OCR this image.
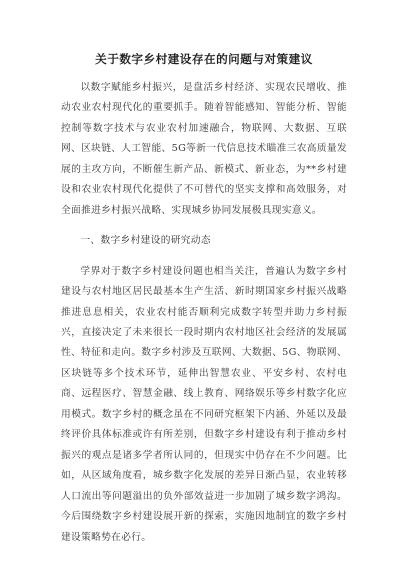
关于数字乡村建设存在的问题与对策建议

以数字赋能乡村振兴，是盘活乡村经济、实现农民增收、推动农业农村现代化的重要抓手。随着智能感知、智能分析、智能控制等数字技术与农业农村加速融合，物联网、大数据、互联网、区块链、人工智能、5G等新一代信息技术瞄准三农高质量发展的主攻方向，不断催生新产品、新模式、新业态，为**乡村建设和农业农村现代化提供了不可替代的坚实支撑和高效服务，对全面推进乡村振兴战略、实现城乡协同发展极具现实意义。

一、数字乡村建设的研究动态

学界对于数字乡村建设问题也相当关注，普遍认为数字乡村建设与农村地区居民最基本生产生活、新时期国家乡村振兴战略推进息息相关，农业农村能否顺利完成数字转型并助力乡村振兴，直接决定了未来很长一段时期内农村地区社会经济的发展属性、特征和走向。数字乡村涉及互联网、大数据、5G、物联网、区块链等多个技术环节，延伸出智慧农业、平安乡村、农村电商、远程医疗、智慧金融、线上教育、网络娱乐等乡村数字化应用模式。数字乡村的概念虽在不同研究框架下内涵、外延以及最终评价具体标准或许有所差别，但数字乡村建设有利于推动乡村振兴的观点是诸多学者所认同的，但现实中仍存在不少问题。比如，从区域角度看，城乡数字化发展的差异日渐凸显，农业转移人口流出等问题溢出的负外部效益进一步加剧了城乡数字鸿沟。今后围绕数字乡村建设展开新的探索，实施因地制宜的数字乡村建设策略势在必行。
